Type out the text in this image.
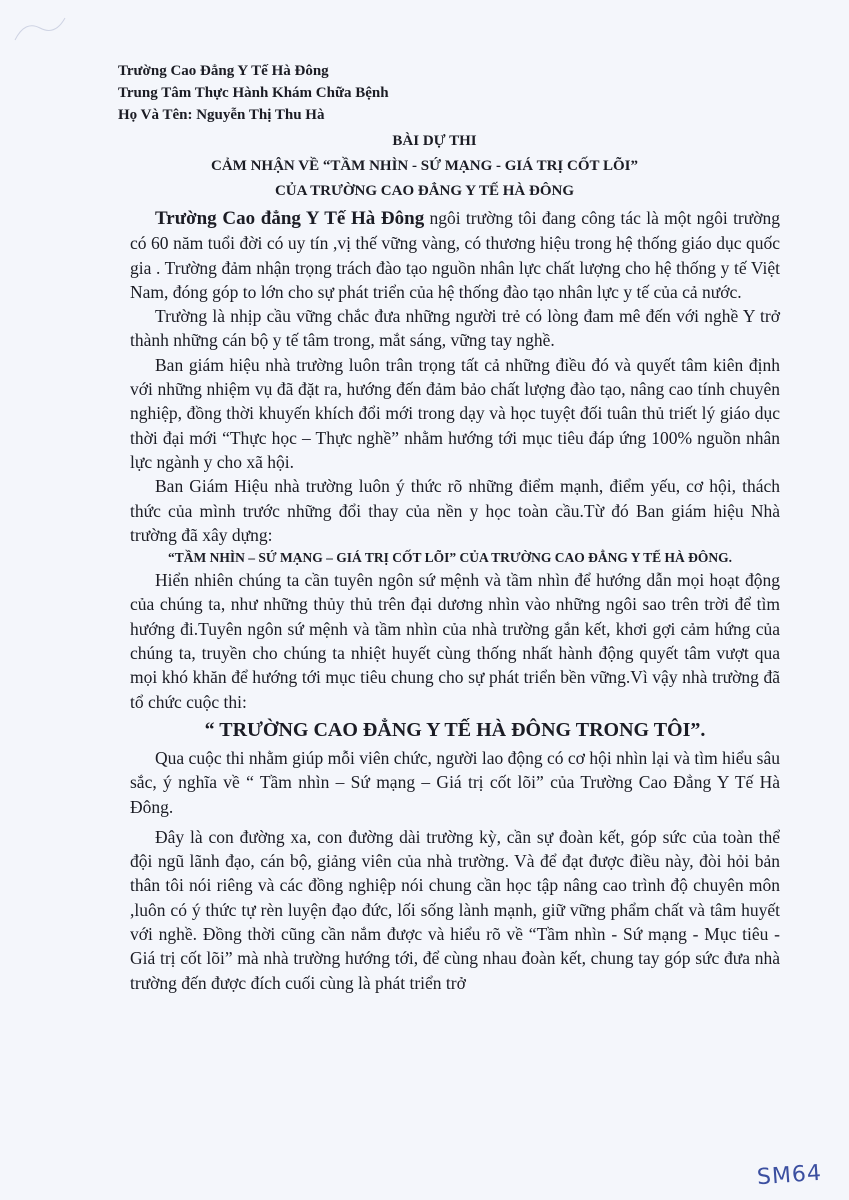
Trường Cao Đẳng Y Tế Hà Đông
Trung Tâm Thực Hành Khám Chữa Bệnh
Họ Và Tên: Nguyễn Thị Thu Hà
BÀI DỰ THI
CẢM NHẬN VỀ “TẦM NHÌN - SỨ MẠNG - GIÁ TRỊ CỐT LÕI”
CỦA TRƯỜNG CAO ĐẲNG Y TẾ HÀ ĐÔNG

Trường Cao đẳng Y Tế Hà Đông ngôi trường tôi đang công tác là một ngôi trường có 60 năm tuổi đời có uy tín ,vị thế vững vàng, có thương hiệu trong hệ thống giáo dục quốc gia . Trường đảm nhận trọng trách đào tạo nguồn nhân lực chất lượng cho hệ thống y tế Việt Nam, đóng góp to lớn cho sự phát triển của hệ thống đào tạo nhân lực y tế của cả nước.

Trường là nhịp cầu vững chắc đưa những người trẻ có lòng đam mê đến với nghề Y trở thành những cán bộ y tế tâm trong, mắt sáng, vững tay nghề.

Ban giám hiệu nhà trường luôn trân trọng tất cả những điều đó và quyết tâm kiên định với những nhiệm vụ đã đặt ra, hướng đến đảm bảo chất lượng đào tạo, nâng cao tính chuyên nghiệp, đồng thời khuyến khích đổi mới trong dạy và học tuyệt đối tuân thủ triết lý giáo dục thời đại mới “Thực học – Thực nghề” nhằm hướng tới mục tiêu đáp ứng 100% nguồn nhân lực ngành y cho xã hội.

Ban Giám Hiệu nhà trường luôn ý thức rõ những điểm mạnh, điểm yếu, cơ hội, thách thức của mình trước những đổi thay của nền y học toàn cầu.Từ đó Ban giám hiệu Nhà trường đã xây dựng:

“TẦM NHÌN – SỨ MẠNG – GIÁ TRỊ CỐT LÕI” CỦA TRƯỜNG CAO ĐẲNG Y TẾ HÀ ĐÔNG.

Hiển nhiên chúng ta cần tuyên ngôn sứ mệnh và tầm nhìn để hướng dẫn mọi hoạt động của chúng ta, như những thủy thủ trên đại dương nhìn vào những ngôi sao trên trời để tìm hướng đi.Tuyên ngôn sứ mệnh và tầm nhìn của nhà trường gắn kết, khơi gợi cảm hứng của chúng ta, truyền cho chúng ta nhiệt huyết cùng thống nhất hành động quyết tâm vượt qua mọi khó khăn để hướng tới mục tiêu chung cho sự phát triển bền vững.Vì vậy nhà trường đã tổ chức cuộc thi:

“ TRƯỜNG CAO ĐẲNG Y TẾ HÀ ĐÔNG TRONG TÔI”.

Qua cuộc thi nhằm giúp mỗi viên chức, người lao động có cơ hội nhìn lại và tìm hiểu sâu sắc, ý nghĩa về “ Tầm nhìn – Sứ mạng – Giá trị cốt lõi” của Trường Cao Đẳng Y Tế Hà Đông.

Đây là con đường xa, con đường dài trường kỳ, cần sự đoàn kết, góp sức của toàn thể đội ngũ lãnh đạo, cán bộ, giảng viên của nhà trường. Và để đạt được điều này, đòi hỏi bản thân tôi nói riêng và các đồng nghiệp nói chung cần học tập nâng cao trình độ chuyên môn ,luôn có ý thức tự rèn luyện đạo đức, lối sống lành mạnh, giữ vững phẩm chất và tâm huyết với nghề. Đồng thời cũng cần nắm được và hiểu rõ về “Tầm nhìn - Sứ mạng - Mục tiêu - Giá trị cốt lõi” mà nhà trường hướng tới, để cùng nhau đoàn kết, chung tay góp sức đưa nhà trường đến được đích cuối cùng là phát triển trở

SM64
